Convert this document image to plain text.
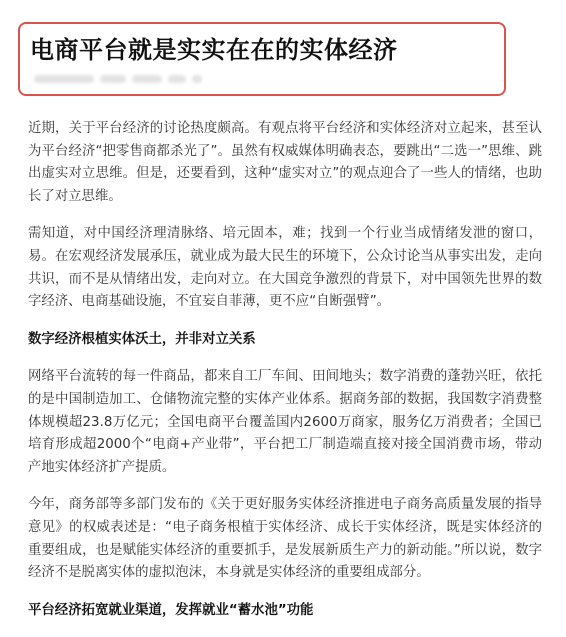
电商平台就是实实在在的实体经济

近期，关于平台经济的讨论热度颇高。有观点将平台经济和实体经济对立起来，甚至认为平台经济“把零售商都杀光了”。虽然有权威媒体明确表态，要跳出“二选一”思维、跳出虚实对立思维。但是，还要看到，这种“虚实对立”的观点迎合了一些人的情绪，也助长了对立思维。

需知道，对中国经济理清脉络、培元固本，难；找到一个行业当成情绪发泄的窗口，易。在宏观经济发展承压，就业成为最大民生的环境下，公众讨论当从事实出发，走向共识，而不是从情绪出发，走向对立。在大国竞争激烈的背景下，对中国领先世界的数字经济、电商基础设施，不宜妄自菲薄，更不应“自断强臂”。

数字经济根植实体沃土，并非对立关系

网络平台流转的每一件商品，都来自工厂车间、田间地头；数字消费的蓬勃兴旺，依托的是中国制造加工、仓储物流完整的实体产业体系。据商务部的数据，我国数字消费整体规模超23.8万亿元；全国电商平台覆盖国内2600万商家，服务亿万消费者；全国已培育形成超2000个“电商+产业带”，平台把工厂制造端直接对接全国消费市场，带动产地实体经济扩产提质。

今年，商务部等多部门发布的《关于更好服务实体经济推进电子商务高质量发展的指导意见》的权威表述是：“电子商务根植于实体经济、成长于实体经济，既是实体经济的重要组成，也是赋能实体经济的重要抓手，是发展新质生产力的新动能。”所以说，数字经济不是脱离实体的虚拟泡沫，本身就是实体经济的重要组成部分。

平台经济拓宽就业渠道，发挥就业“蓄水池”功能
